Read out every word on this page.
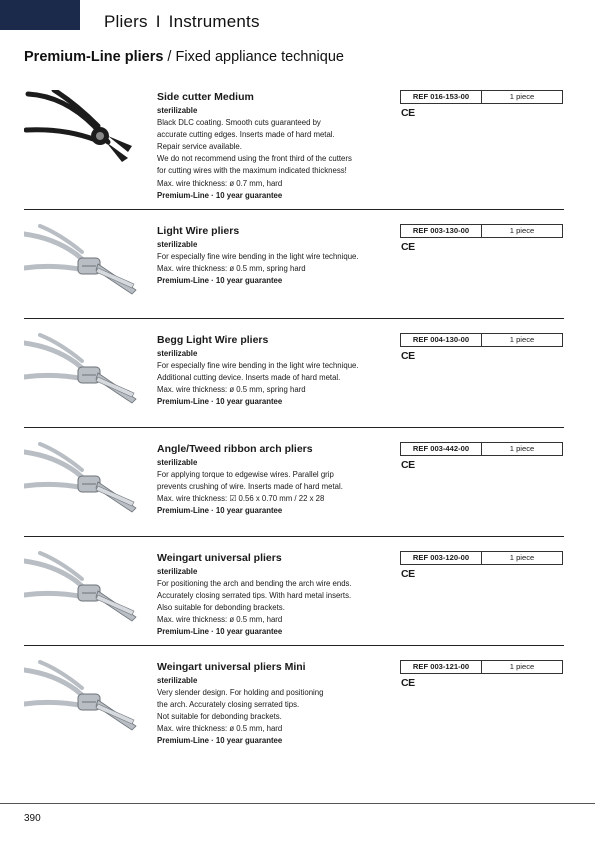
Pliers I Instruments
Premium-Line pliers / Fixed appliance technique
Side cutter Medium
sterilizable
Black DLC coating. Smooth cuts guaranteed by
accurate cutting edges. Inserts made of hard metal.
Repair service available.
We do not recommend using the front third of the cutters
for cutting wires with the maximum indicated thickness!
Max. wire thickness: ø 0.7 mm, hard
Premium-Line · 10 year guarantee
REF 016-153-00	1 piece
CE
Light Wire pliers
sterilizable
For especially fine wire bending in the light wire technique.
Max. wire thickness: ø 0.5 mm, spring hard
Premium-Line · 10 year guarantee
REF 003-130-00	1 piece
CE
Begg Light Wire pliers
sterilizable
For especially fine wire bending in the light wire technique.
Additional cutting device. Inserts made of hard metal.
Max. wire thickness: ø 0.5 mm, spring hard
Premium-Line · 10 year guarantee
REF 004-130-00	1 piece
CE
Angle/Tweed ribbon arch pliers
sterilizable
For applying torque to edgewise wires. Parallel grip
prevents crushing of wire. Inserts made of hard metal.
Max. wire thickness: ☑ 0.56 x 0.70 mm / 22 x 28
Premium-Line · 10 year guarantee
REF 003-442-00	1 piece
CE
Weingart universal pliers
sterilizable
For positioning the arch and bending the arch wire ends.
Accurately closing serrated tips. With hard metal inserts.
Also suitable for debonding brackets.
Max. wire thickness: ø 0.5 mm, hard
Premium-Line · 10 year guarantee
REF 003-120-00	1 piece
CE
Weingart universal pliers Mini
sterilizable
Very slender design. For holding and positioning
the arch. Accurately closing serrated tips.
Not suitable for debonding brackets.
Max. wire thickness: ø 0.5 mm, hard
Premium-Line · 10 year guarantee
REF 003-121-00	1 piece
CE
390
